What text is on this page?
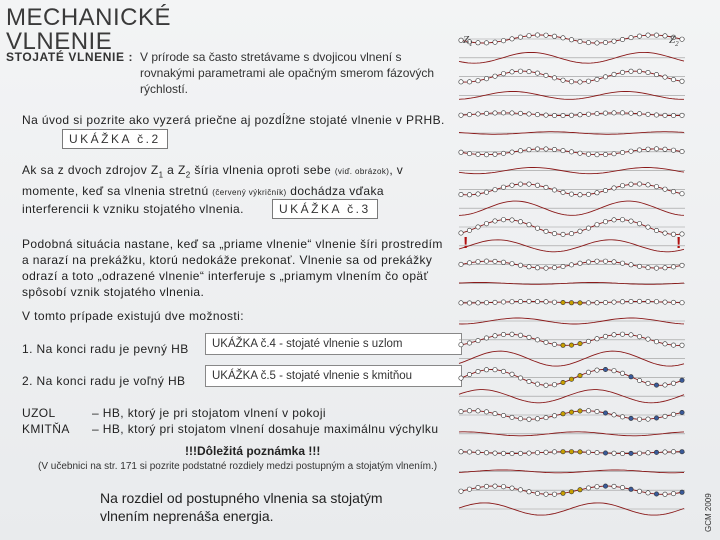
MECHANICKÉ
VLNENIE
STOJATÉ VLNENIE : V prírode sa často stretávame s dvojicou vlnení s rovnakými parametrami ale opačným smerom fázových rýchlostí.
Na úvod si pozrite ako vyzerá priečne aj pozdĺžne stojaté vlnenie v PRHB.
UKÁŽKA č.2
Ak sa z dvoch zdrojov $Z_1$ a $Z_2$ šíria vlnenia oproti sebe (viď. obrázok), v momente, keď sa vlnenia stretnú (červený výkričník) dochádza vďaka interferencii k vzniku stojatého vlnenia.	UKÁŽKA č.3
Podobná situácia nastane, keď sa „priame vlnenie“ vlnenie šíri prostredím a narazí na prekážku, ktorú nedokáže prekonať. Vlnenie sa od prekážky odrazí a toto „odrazené vlnenie“ interferuje s „priamym vlnením čo opäť spôsobí vznik stojatého vlnenia.
V tomto prípade existujú dve možnosti:
1. Na konci radu je pevný HB	UKÁŽKA č.4 - stojaté vlnenie s uzlom
2. Na konci radu je voľný HB	UKÁŽKA č.5 - stojaté vlnenie s kmitňou
UZOL	– HB, ktorý je pri stojatom vlnení v pokoji
KMITŇA – HB, ktorý pri stojatom vlnení dosahuje maximálnu výchylku
!!!Dôležitá poznámka !!!
(V učebnici na str. 171 si pozrite podstatné rozdiely medzi postupným a stojatým vlnením.)
Na rozdiel od postupného vlnenia sa stojatým vlnením neprenáša energia.	GCM 2009
$Z_1$	$Z_2$
!	!
